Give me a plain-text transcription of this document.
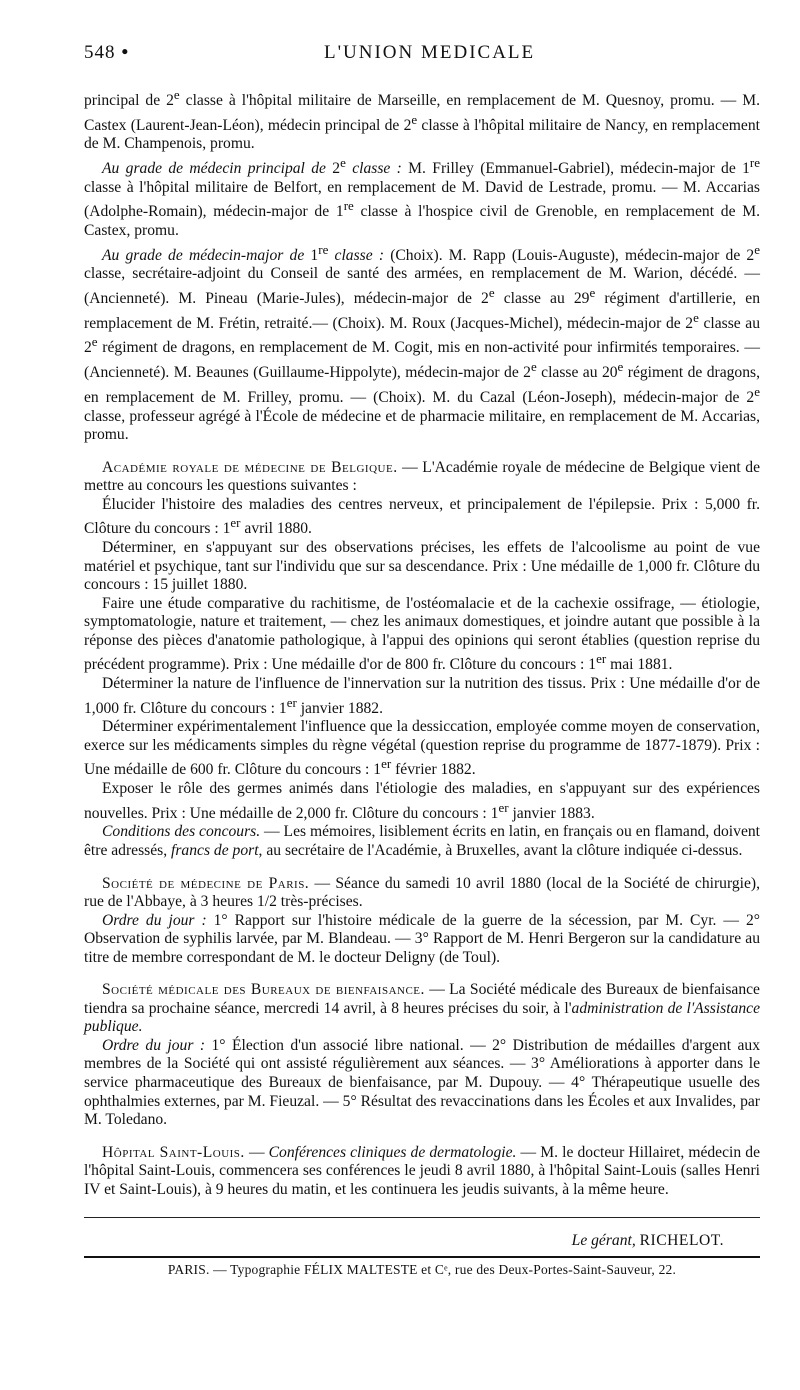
548 •	L'UNION MEDICALE

principal de 2e classe à l'hôpital militaire de Marseille, en remplacement de M. Quesnoy, promu. — M. Castex (Laurent-Jean-Léon), médecin principal de 2e classe à l'hôpital militaire de Nancy, en remplacement de M. Champenois, promu.

Au grade de médecin principal de 2e classe : M. Frilley (Emmanuel-Gabriel), médecin-major de 1re classe à l'hôpital militaire de Belfort, en remplacement de M. David de Lestrade, promu. — M. Accarias (Adolphe-Romain), médecin-major de 1re classe à l'hospice civil de Grenoble, en remplacement de M. Castex, promu.

Au grade de médecin-major de 1re classe : (Choix). M. Rapp (Louis-Auguste), médecin-major de 2e classe, secrétaire-adjoint du Conseil de santé des armées, en remplacement de M. Warion, décédé. — (Ancienneté). M. Pineau (Marie-Jules), médecin-major de 2e classe au 29e régiment d'artillerie, en remplacement de M. Frétin, retraité.— (Choix). M. Roux (Jacques-Michel), médecin-major de 2e classe au 2e régiment de dragons, en remplacement de M. Cogit, mis en non-activité pour infirmités temporaires. — (Ancienneté). M. Beaunes (Guillaume-Hippolyte), médecin-major de 2e classe au 20e régiment de dragons, en remplacement de M. Frilley, promu. — (Choix). M. du Cazal (Léon-Joseph), médecin-major de 2e classe, professeur agrégé à l'École de médecine et de pharmacie militaire, en remplacement de M. Accarias, promu.

Académie royale de médecine de Belgique. — L'Académie royale de médecine de Belgique vient de mettre au concours les questions suivantes :

Élucider l'histoire des maladies des centres nerveux, et principalement de l'épilepsie. Prix : 5,000 fr. Clôture du concours : 1er avril 1880.

Déterminer, en s'appuyant sur des observations précises, les effets de l'alcoolisme au point de vue matériel et psychique, tant sur l'individu que sur sa descendance. Prix : Une médaille de 1,000 fr. Clôture du concours : 15 juillet 1880.

Faire une étude comparative du rachitisme, de l'ostéomalacie et de la cachexie ossifrage, — étiologie, symptomatologie, nature et traitement, — chez les animaux domestiques, et joindre autant que possible à la réponse des pièces d'anatomie pathologique, à l'appui des opinions qui seront établies (question reprise du précédent programme). Prix : Une médaille d'or de 800 fr. Clôture du concours : 1er mai 1881.

Déterminer la nature de l'influence de l'innervation sur la nutrition des tissus. Prix : Une médaille d'or de 1,000 fr. Clôture du concours : 1er janvier 1882.

Déterminer expérimentalement l'influence que la dessiccation, employée comme moyen de conservation, exerce sur les médicaments simples du règne végétal (question reprise du programme de 1877-1879). Prix : Une médaille de 600 fr. Clôture du concours : 1er février 1882.

Exposer le rôle des germes animés dans l'étiologie des maladies, en s'appuyant sur des expériences nouvelles. Prix : Une médaille de 2,000 fr. Clôture du concours : 1er janvier 1883.

Conditions des concours. — Les mémoires, lisiblement écrits en latin, en français ou en flamand, doivent être adressés, francs de port, au secrétaire de l'Académie, à Bruxelles, avant la clôture indiquée ci-dessus.

Société de médecine de Paris. — Séance du samedi 10 avril 1880 (local de la Société de chirurgie), rue de l'Abbaye, à 3 heures 1/2 très-précises.

Ordre du jour : 1° Rapport sur l'histoire médicale de la guerre de la sécession, par M. Cyr. — 2° Observation de syphilis larvée, par M. Blandeau. — 3° Rapport de M. Henri Bergeron sur la candidature au titre de membre correspondant de M. le docteur Deligny (de Toul).

Société médicale des Bureaux de bienfaisance. — La Société médicale des Bureaux de bienfaisance tiendra sa prochaine séance, mercredi 14 avril, à 8 heures précises du soir, à l'administration de l'Assistance publique.

Ordre du jour : 1° Élection d'un associé libre national. — 2° Distribution de médailles d'argent aux membres de la Société qui ont assisté régulièrement aux séances. — 3° Améliorations à apporter dans le service pharmaceutique des Bureaux de bienfaisance, par M. Dupouy. — 4° Thérapeutique usuelle des ophthalmies externes, par M. Fieuzal. — 5° Résultat des revaccinations dans les Écoles et aux Invalides, par M. Toledano.

Hôpital Saint-Louis. — Conférences cliniques de dermatologie. — M. le docteur Hillairet, médecin de l'hôpital Saint-Louis, commencera ses conférences le jeudi 8 avril 1880, à l'hôpital Saint-Louis (salles Henri IV et Saint-Louis), à 9 heures du matin, et les continuera les jeudis suivants, à la même heure.

Le gérant, RICHELOT.
PARIS. — Typographie FÉLIX MALTESTE et Cᵉ, rue des Deux-Portes-Saint-Sauveur, 22.
